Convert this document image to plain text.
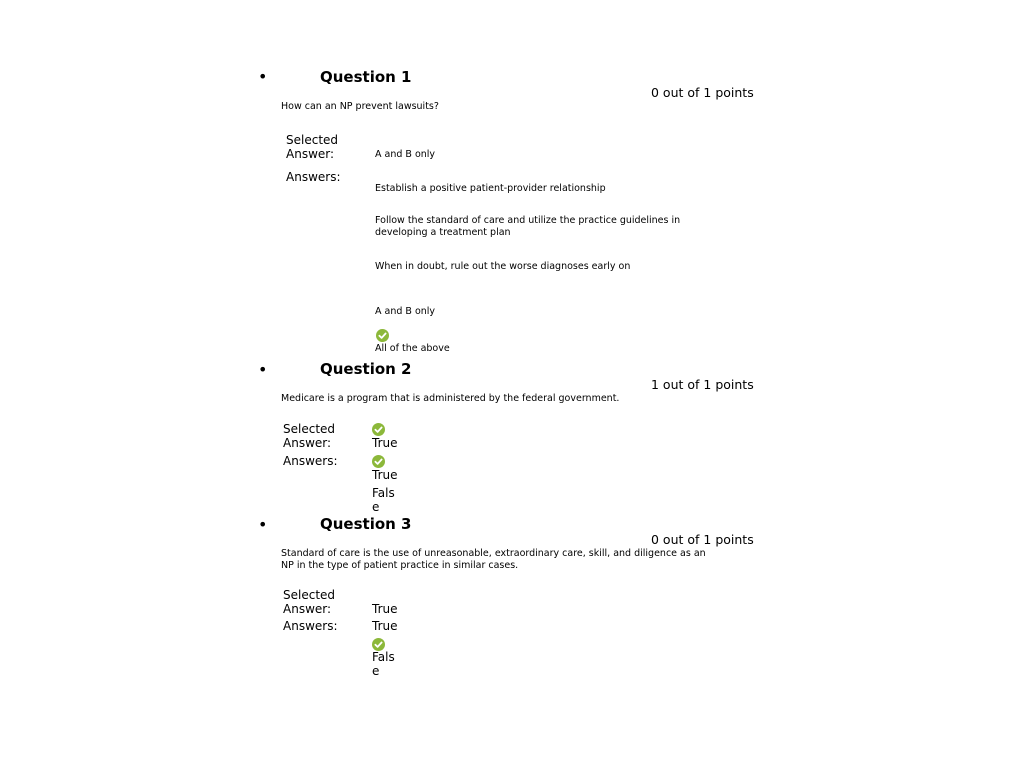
•	Question 1
0 out of 1 points
How can an NP prevent lawsuits?
Selected Answer:	A and B only
Answers:
Establish a positive patient-provider relationship
Follow the standard of care and utilize the practice guidelines in developing a treatment plan
When in doubt, rule out the worse diagnoses early on
A and B only
All of the above
•	Question 2
1 out of 1 points
Medicare is a program that is administered by the federal government.
Selected Answer:	True
Answers:
True
False
•	Question 3
0 out of 1 points
Standard of care is the use of unreasonable, extraordinary care, skill, and diligence as an NP in the type of patient practice in similar cases.
Selected Answer:	True
Answers:	True
False
